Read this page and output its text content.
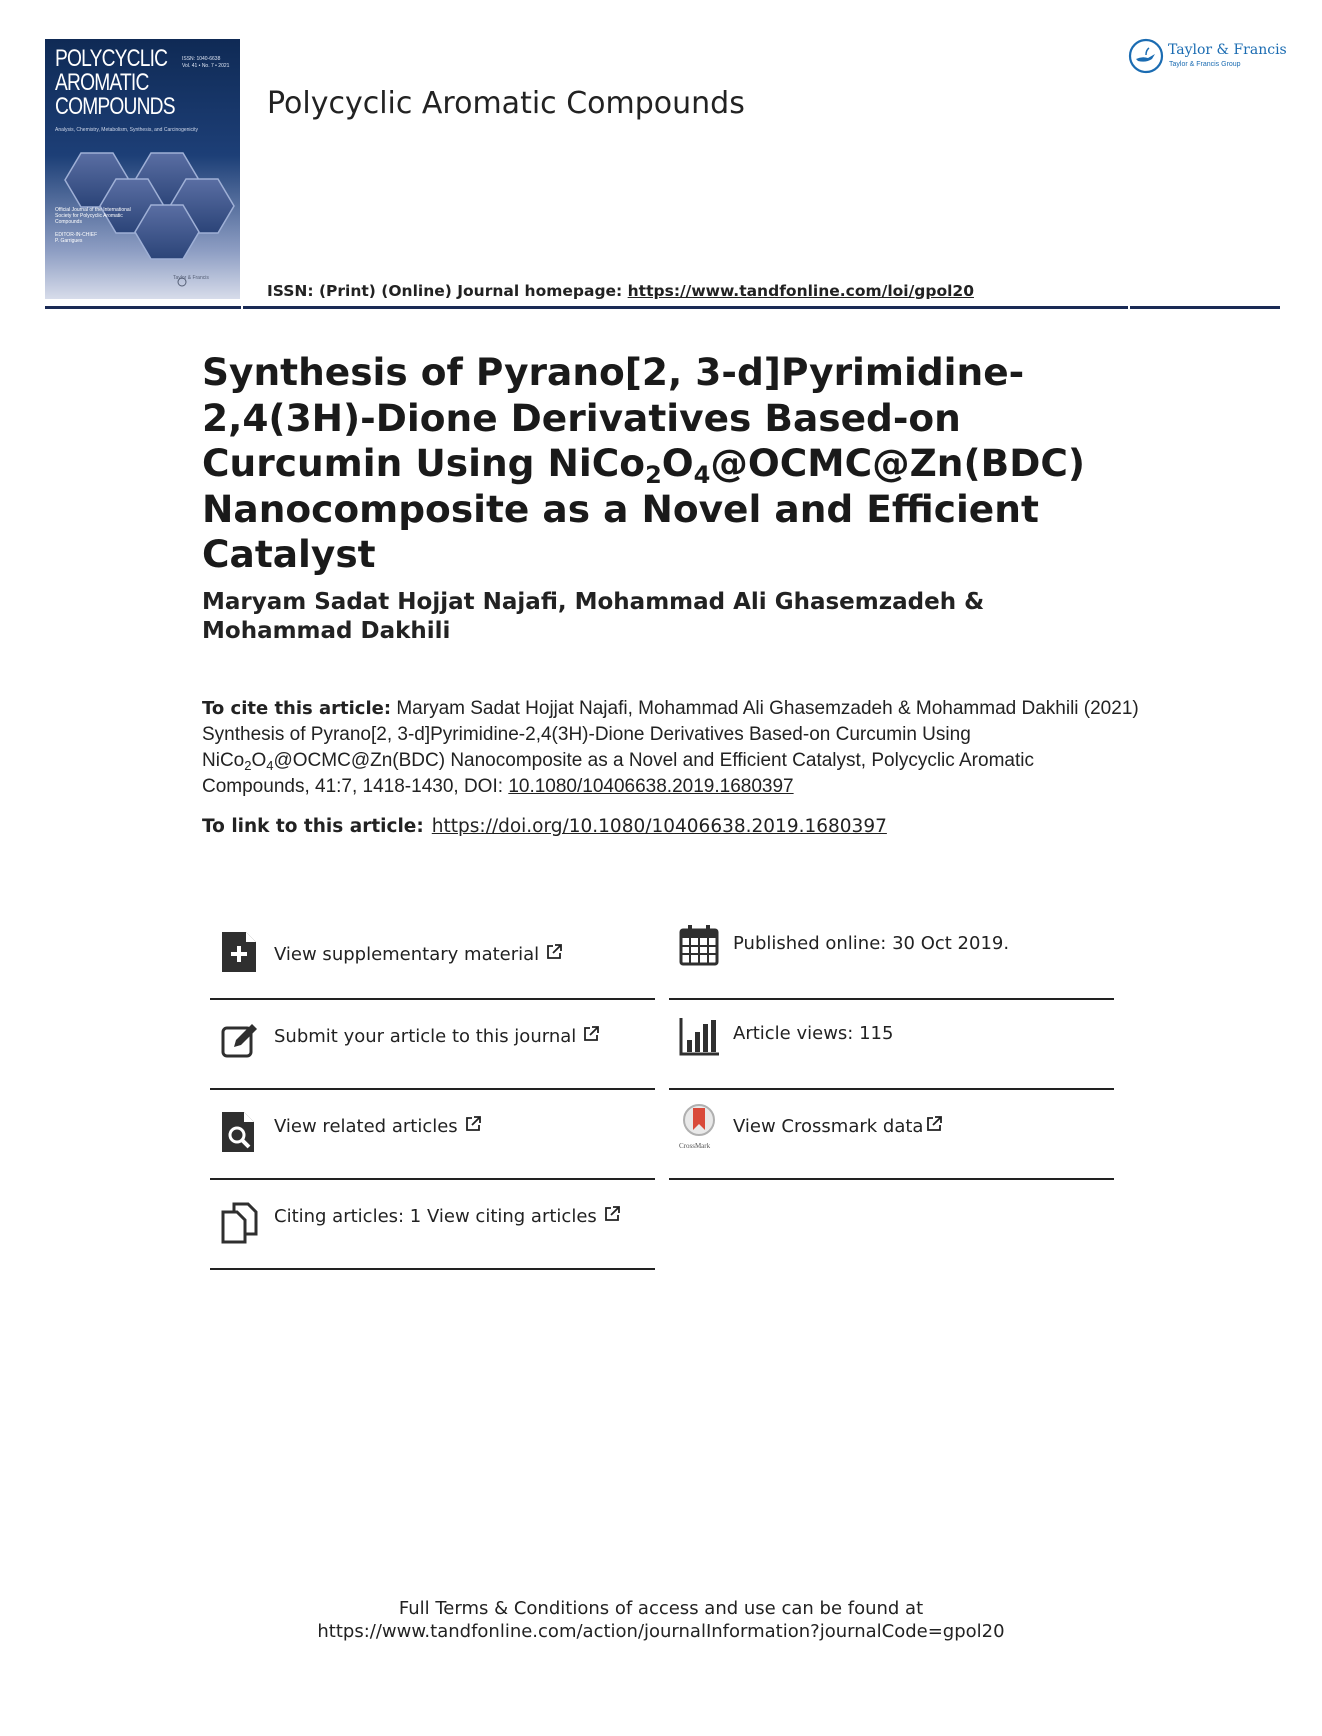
POLYCYCLIC
AROMATIC
COMPOUNDS
ISSN: 1040-6638
Vol. 41 • No. 7 • 2021
Analysis, Chemistry, Metabolism, Synthesis, and Carcinogenicity
Official Journal of the International Society for Polycyclic Aromatic Compounds
EDITOR-IN-CHIEF
P. Garrigues
Taylor & Francis
Polycyclic Aromatic Compounds
Taylor & Francis
Taylor & Francis Group
ISSN: (Print) (Online) Journal homepage: https://www.tandfonline.com/loi/gpol20
Synthesis of Pyrano[2, 3-d]Pyrimidine-2,4(3H)-Dione Derivatives Based-on Curcumin Using $NiCo_2O_4@OCMC@Zn(BDC)$ Nanocomposite as a Novel and Efficient Catalyst
Maryam Sadat Hojjat Najafi, Mohammad Ali Ghasemzadeh & Mohammad Dakhili
To cite this article: Maryam Sadat Hojjat Najafi, Mohammad Ali Ghasemzadeh & Mohammad Dakhili (2021) Synthesis of Pyrano[2, 3-d]Pyrimidine-2,4(3H)-Dione Derivatives Based-on Curcumin Using $NiCo_2O_4@OCMC@Zn(BDC)$ Nanocomposite as a Novel and Efficient Catalyst, Polycyclic Aromatic Compounds, 41:7, 1418-1430, DOI: 10.1080/10406638.2019.1680397
To link to this article: https://doi.org/10.1080/10406638.2019.1680397
View supplementary material
Submit your article to this journal
View related articles
Citing articles: 1 View citing articles
Published online: 30 Oct 2019.
Article views: 115
CrossMark
View Crossmark data
Full Terms & Conditions of access and use can be found at
https://www.tandfonline.com/action/journalInformation?journalCode=gpol20
